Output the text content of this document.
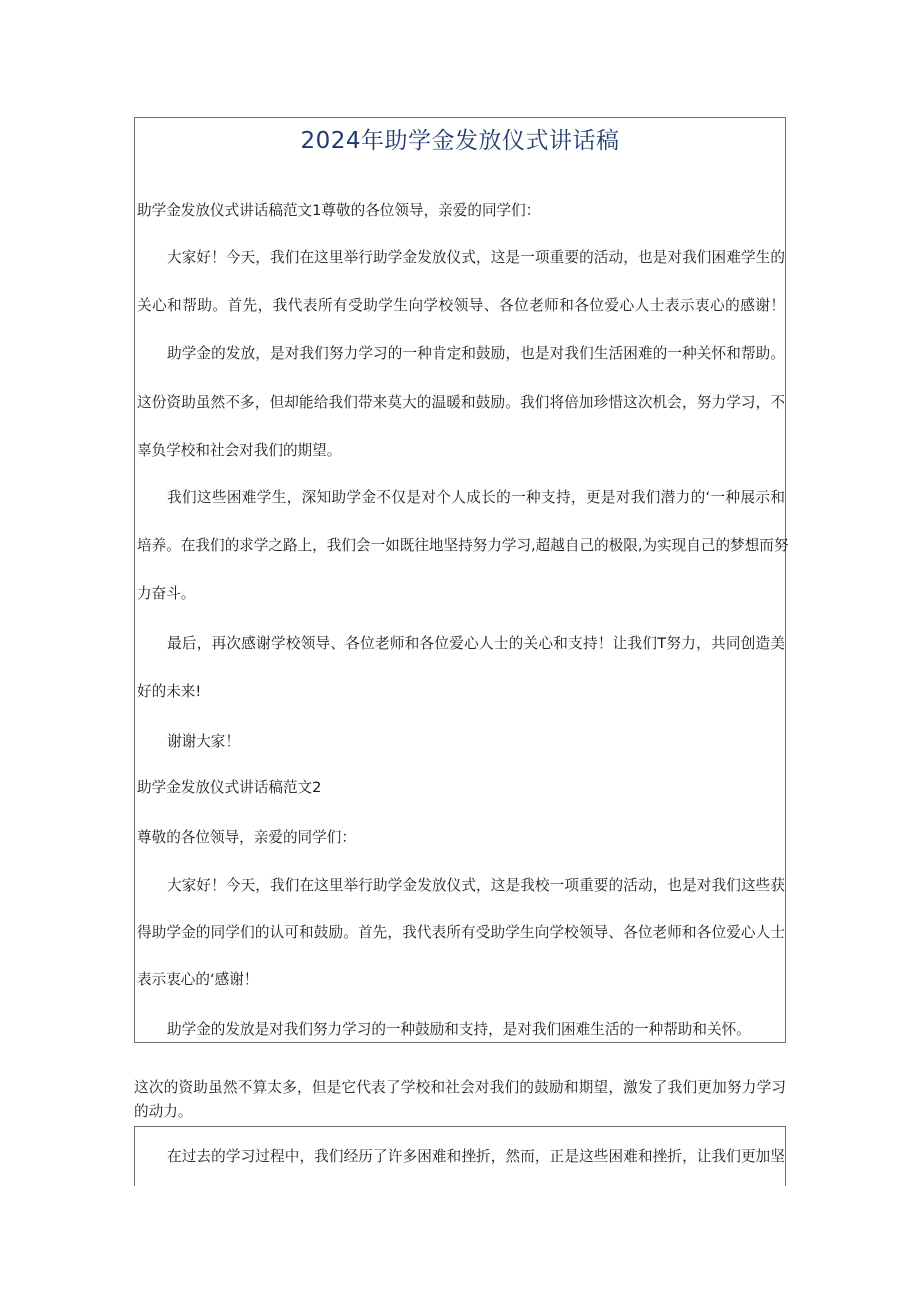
2024年助学金发放仪式讲话稿

助学金发放仪式讲话稿范文1尊敬的各位领导，亲爱的同学们：

大家好！今天，我们在这里举行助学金发放仪式，这是一项重要的活动，也是对我们困难学生的

关心和帮助。首先，我代表所有受助学生向学校领导、各位老师和各位爱心人士表示衷心的感谢！

助学金的发放，是对我们努力学习的一种肯定和鼓励，也是对我们生活困难的一种关怀和帮助。

这份资助虽然不多，但却能给我们带来莫大的温暖和鼓励。我们将倍加珍惜这次机会，努力学习，不

辜负学校和社会对我们的期望。

我们这些困难学生，深知助学金不仅是对个人成长的一种支持，更是对我们潜力的‘一种展示和

培养。在我们的求学之路上，我们会一如既往地坚持努力学习,超越自己的极限,为实现自己的梦想而努

力奋斗。

最后，再次感谢学校领导、各位老师和各位爱心人士的关心和支持！让我们T努力，共同创造美

好的未来!

谢谢大家！

助学金发放仪式讲话稿范文2

尊敬的各位领导，亲爱的同学们：

大家好！今天，我们在这里举行助学金发放仪式，这是我校一项重要的活动，也是对我们这些获

得助学金的同学们的认可和鼓励。首先，我代表所有受助学生向学校领导、各位老师和各位爱心人士

表示衷心的‘感谢！

助学金的发放是对我们努力学习的一种鼓励和支持，是对我们困难生活的一种帮助和关怀。

这次的资助虽然不算太多，但是它代表了学校和社会对我们的鼓励和期望，激发了我们更加努力学习

的动力。

在过去的学习过程中，我们经历了许多困难和挫折，然而，正是这些困难和挫折，让我们更加坚
